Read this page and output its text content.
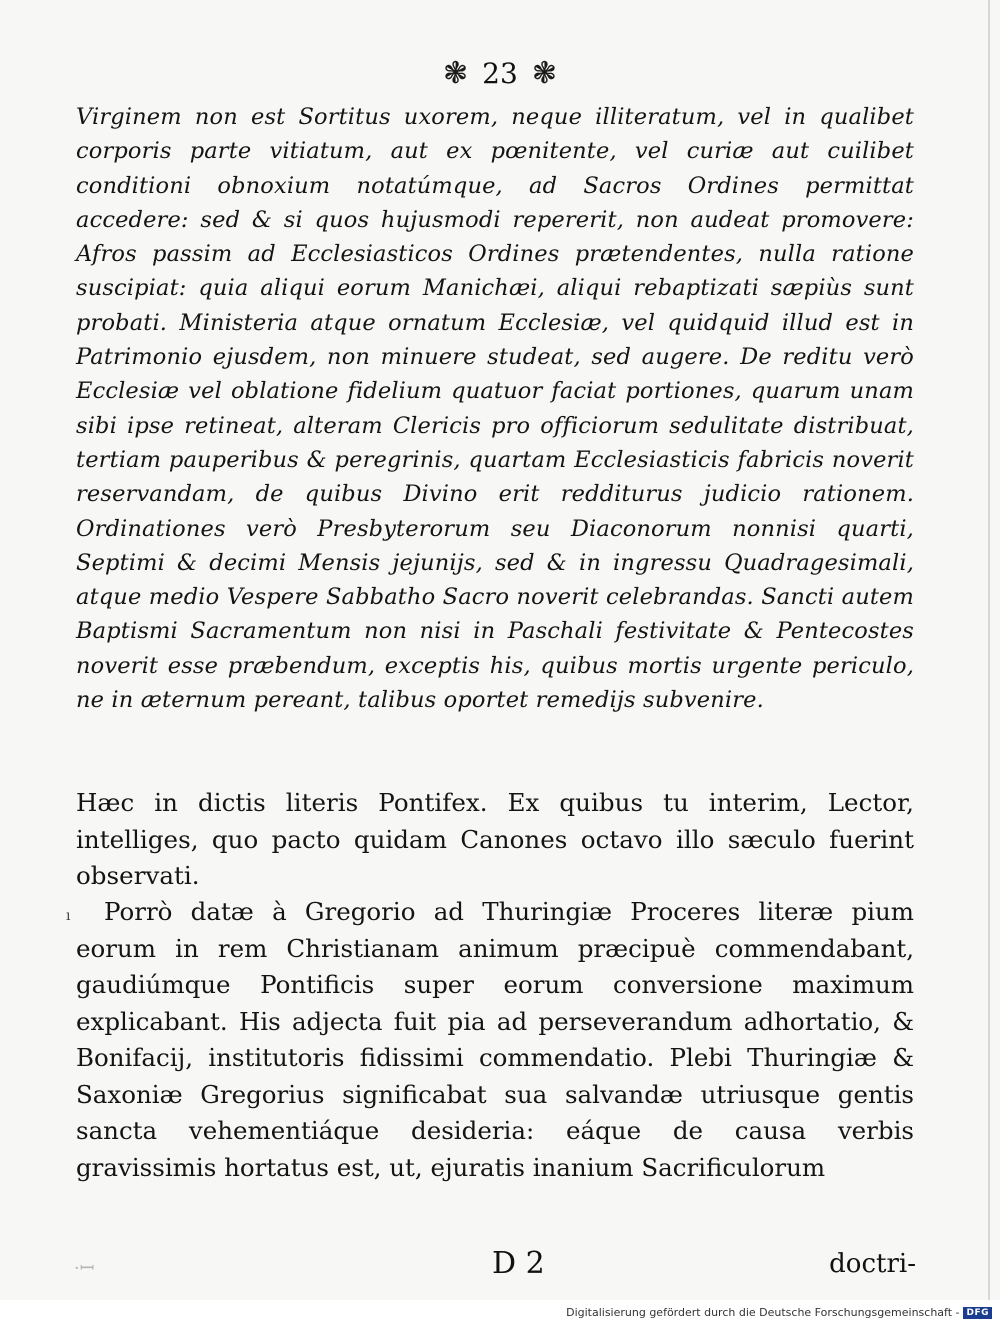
❃ 23 ❃

Virginem non est Sortitus uxorem, neque illiteratum, vel in qualibet corporis parte vitiatum, aut ex pœnitente, vel curiæ aut cuilibet conditioni obnoxium notatúmque, ad Sacros Ordines permittat accedere: sed & si quos hujusmodi repererit, non audeat promovere: Afros passim ad Ecclesiasticos Ordines prætendentes, nulla ratione suscipiat: quia aliqui eorum Manichæi, aliqui rebaptizati sæpiùs sunt probati. Ministeria atque ornatum Ecclesiæ, vel quidquid illud est in Patrimonio ejusdem, non minuere studeat, sed augere. De reditu verò Ecclesiæ vel oblatione fidelium quatuor faciat portiones, quarum unam sibi ipse retineat, alteram Clericis pro officiorum sedulitate distribuat, tertiam pauperibus & peregrinis, quartam Ecclesiasticis fabricis noverit reservandam, de quibus Divino erit redditurus judicio rationem. Ordinationes verò Presbyterorum seu Diaconorum nonnisi quarti, Septimi & decimi Mensis jejunijs, sed & in ingressu Quadragesimali, atque medio Vespere Sabbatho Sacro noverit celebrandas. Sancti autem Baptismi Sacramentum non nisi in Paschali festivitate & Pentecostes noverit esse præbendum, exceptis his, quibus mortis urgente periculo, ne in æternum pereant, talibus oportet remedijs subvenire.

Hæc in dictis literis Pontifex. Ex quibus tu interim, Lector, intelliges, quo pacto quidam Canones octavo illo sæculo fuerint observati.

ı	Porrò datæ à Gregorio ad Thuringiæ Proceres literæ pium eorum in rem Christianam animum præcipuè commendabant, gaudiúmque Pontificis super eorum conversione maximum explicabant. His adjecta fuit pia ad perseverandum adhortatio, & Bonifacij, institutoris fidissimi commendatio. Plebi Thuringiæ & Saxoniæ Gregorius significabat sua salvandæ utriusque gentis sancta vehementiáque desideria: eáque de causa verbis gravissimis hortatus est, ut, ejuratis inanium Sacrificulorum

·ꟷ	D 2	doctri-
Digitalisierung gefördert durch die Deutsche Forschungsgemeinschaft - DFG
